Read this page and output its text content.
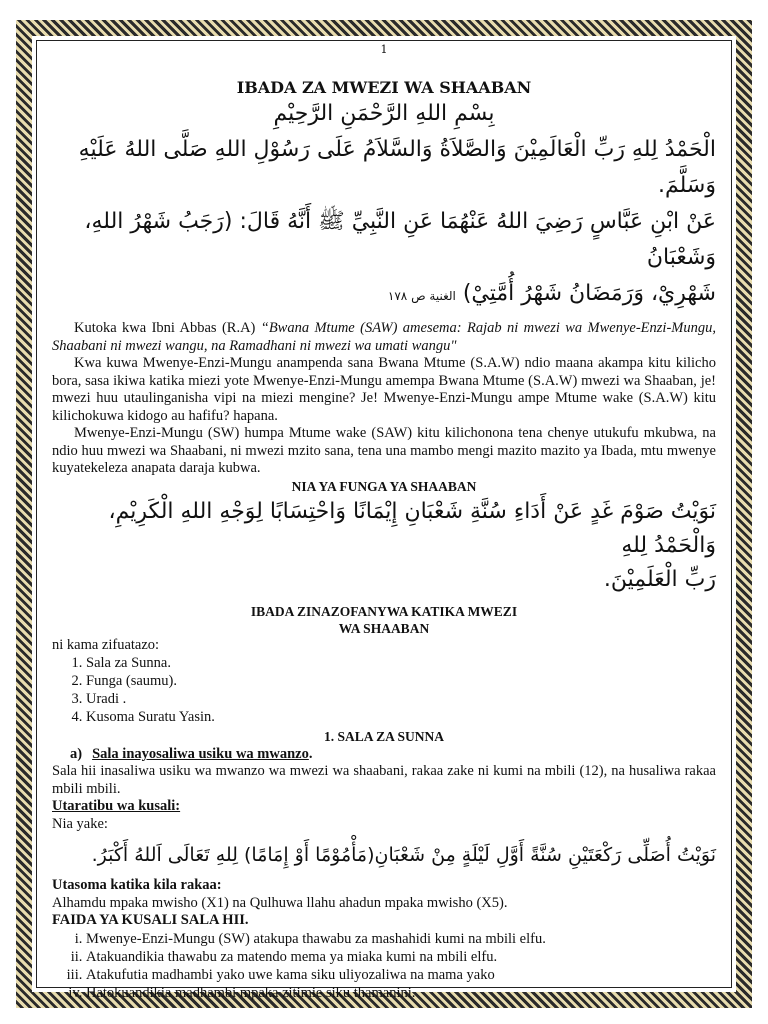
1
IBADA ZA MWEZI WA SHAABAN
بِسْمِ اللهِ الرَّحْمَنِ الرَّحِيْمِ
الْحَمْدُ لِلهِ رَبِّ الْعَالَمِيْنَ وَالصَّلاَةُ وَالسَّلاَمُ عَلَى رَسُوْلِ اللهِ صَلَّى اللهُ عَلَيْهِ وَسَلَّمَ.
عَنْ ابْنِ عَبَّاسٍ رَضِيَ اللهُ عَنْهُمَا عَنِ النَّبِيِّ ﷺ أَنَّهُ قَالَ: (رَجَبُ شَهْرُ اللهِ، وَشَعْبَانُ
شَهْرِيْ، وَرَمَضَانُ شَهْرُ أُمَّتِيْ) الغنية ص ١٧٨

Kutoka kwa Ibni Abbas (R.A) “Bwana Mtume (SAW) amesema: Rajab ni mwezi wa Mwenye-Enzi-Mungu, Shaabani ni mwezi wangu, na Ramadhani ni mwezi wa umati wangu"

Kwa kuwa Mwenye-Enzi-Mungu anampenda sana Bwana Mtume (S.A.W) ndio maana akampa kitu kilicho bora, sasa ikiwa katika miezi yote Mwenye-Enzi-Mungu amempa Bwana Mtume (S.A.W) mwezi wa Shaaban, je! mwezi huu utaulinganisha vipi na miezi mengine? Je! Mwenye-Enzi-Mungu ampe Mtume wake (S.A.W) kitu kilichokuwa kidogo au hafifu? hapana.

Mwenye-Enzi-Mungu (SW) humpa Mtume wake (SAW) kitu kilichonona tena chenye utukufu mkubwa, na ndio huu mwezi wa Shaabani, ni mwezi mzito sana, tena una mambo mengi mazito mazito ya Ibada, mtu mwenye kuyatekeleza anapata daraja kubwa.

NIA YA FUNGA YA SHAABAN

نَوَيْتُ صَوْمَ غَدٍ عَنْ أَدَاءِ سُنَّةِ شَعْبَانِ إِيْمَانًا وَاحْتِسَابًا لِوَجْهِ اللهِ الْكَرِيْمِ، وَالْحَمْدُ لِلهِ
رَبِّ الْعَلَمِيْنَ.

IBADA ZINAZOFANYWA KATIKA MWEZI

WA SHAABAN

ni kama zifuatazo:

1. Sala za Sunna.
2. Funga (saumu).
3. Uradi .
4. Kusoma Suratu Yasin.

1. SALA ZA SUNNA

a) Sala inayosaliwa usiku wa mwanzo.

Sala hii inasaliwa usiku wa mwanzo wa mwezi wa shaabani, rakaa zake ni kumi na mbili (12), na husaliwa rakaa mbili mbili.

Utaratibu wa kusali:

Nia yake:

نَوَيْتُ أُصَلِّى رَكْعَتَيْنِ سُنَّةً أَوَّلِ لَيْلَةٍ مِنْ شَعْبَانِ(مَأْمُوْمًا أَوْ إِمَامًا) لِلهِ تَعَالَى اَللهُ أَكْبَرُ.

Utasoma katika kila rakaa:

Alhamdu mpaka mwisho (X1) na Qulhuwa llahu ahadun mpaka mwisho (X5).

FAIDA YA KUSALI SALA HII.

i. Mwenye-Enzi-Mungu (SW) atakupa thawabu za mashahidi kumi na mbili elfu.
ii. Atakuandikia thawabu za matendo mema ya miaka kumi na mbili elfu.
iii. Atakufutia madhambi yako uwe kama siku uliyozaliwa na mama yako
iv. Hatokuandikia madhambi mpaka zitimie siku thamanini.
